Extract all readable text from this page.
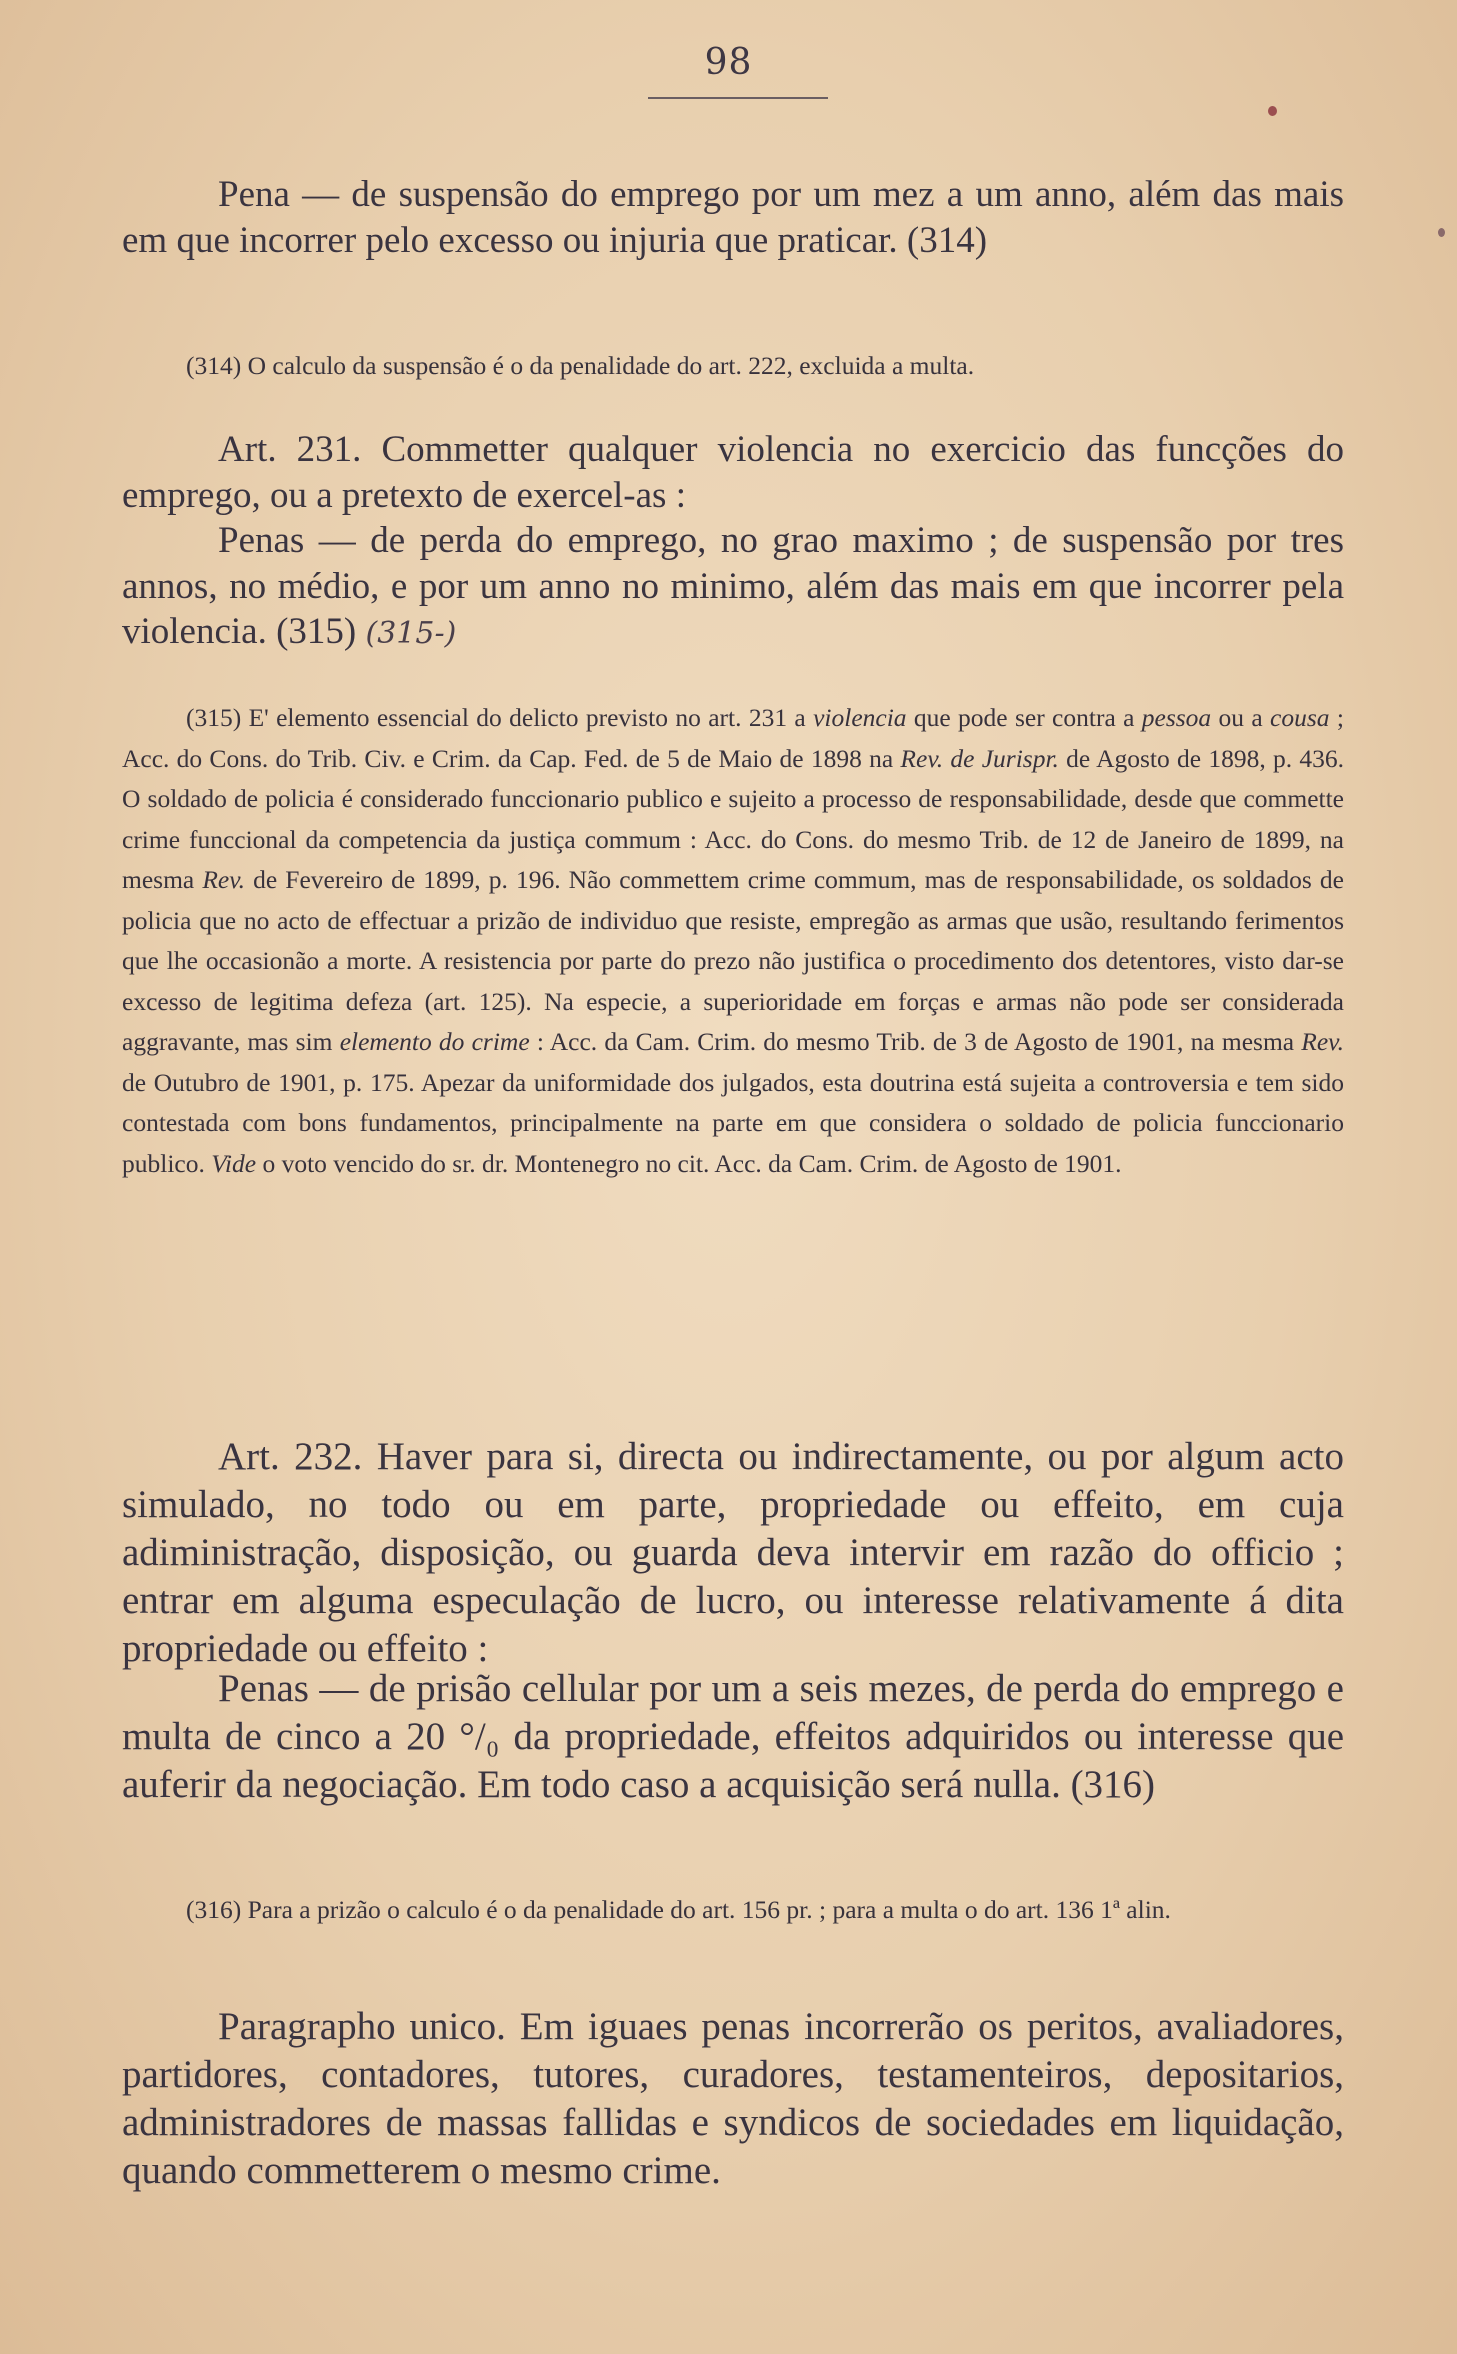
98

Pena — de suspensão do emprego por um mez a um anno, além das mais em que incorrer pelo excesso ou injuria que praticar. (314)

(314) O calculo da suspensão é o da penalidade do art. 222, excluida a multa.

Art. 231. Commetter qualquer violencia no exercicio das funcções do emprego, ou a pretexto de exercel-as :

Penas — de perda do emprego, no grao maximo ; de suspensão por tres annos, no médio, e por um anno no minimo, além das mais em que incorrer pela violencia. (315) (315-)

(315) E' elemento essencial do delicto previsto no art. 231 a violencia que pode ser contra a pessoa ou a cousa ; Acc. do Cons. do Trib. Civ. e Crim. da Cap. Fed. de 5 de Maio de 1898 na Rev. de Jurispr. de Agosto de 1898, p. 436. O soldado de policia é considerado funccionario publico e sujeito a processo de responsabilidade, desde que commette crime funccional da competencia da justiça commum : Acc. do Cons. do mesmo Trib. de 12 de Janeiro de 1899, na mesma Rev. de Fevereiro de 1899, p. 196. Não commettem crime commum, mas de responsabilidade, os soldados de policia que no acto de effectuar a prizão de individuo que resiste, empregão as armas que usão, resultando ferimentos que lhe occasionão a morte. A resistencia por parte do prezo não justifica o procedimento dos detentores, visto dar-se excesso de legitima defeza (art. 125). Na especie, a superioridade em forças e armas não pode ser considerada aggravante, mas sim elemento do crime : Acc. da Cam. Crim. do mesmo Trib. de 3 de Agosto de 1901, na mesma Rev. de Outubro de 1901, p. 175. Apezar da uniformidade dos julgados, esta doutrina está sujeita a controversia e tem sido contestada com bons fundamentos, principalmente na parte em que considera o soldado de policia funccionario publico. Vide o voto vencido do sr. dr. Montenegro no cit. Acc. da Cam. Crim. de Agosto de 1901.

Art. 232. Haver para si, directa ou indirectamente, ou por algum acto simulado, no todo ou em parte, propriedade ou effeito, em cuja adiministração, disposição, ou guarda deva intervir em razão do officio ; entrar em alguma especulação de lucro, ou interesse relativamente á dita propriedade ou effeito :

Penas — de prisão cellular por um a seis mezes, de perda do emprego e multa de cinco a 20 °/₀ da propriedade, effeitos adquiridos ou interesse que auferir da negociação. Em todo caso a acquisição será nulla. (316)

(316) Para a prizão o calculo é o da penalidade do art. 156 pr. ; para a multa o do art. 136 1ª alin.

Paragrapho unico. Em iguaes penas incorrerão os peritos, avaliadores, partidores, contadores, tutores, curadores, testamenteiros, depositarios, administradores de massas fallidas e syndicos de sociedades em liquidação, quando commetterem o mesmo crime.
